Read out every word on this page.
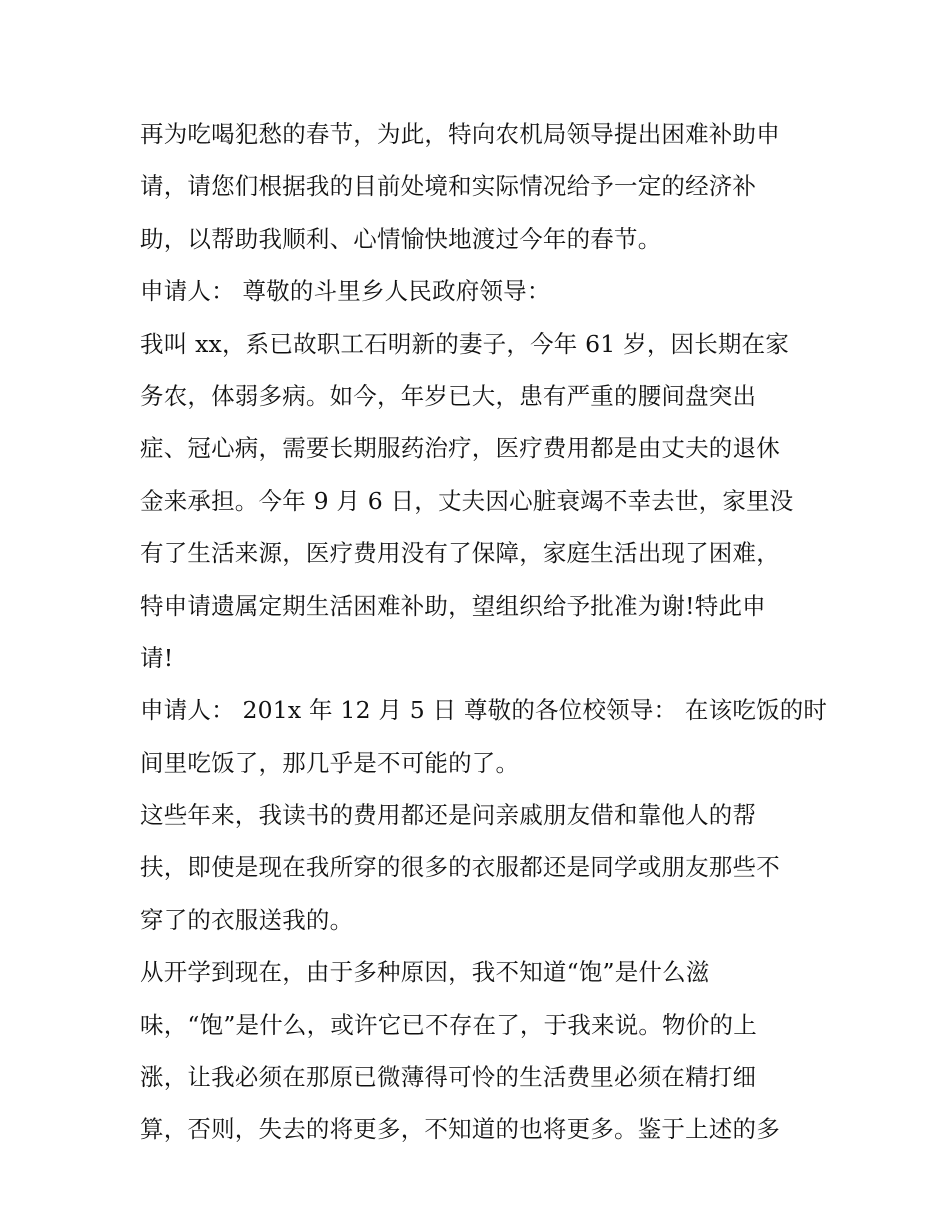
再为吃喝犯愁的春节，为此，特向农机局领导提出困难补助申
请，请您们根据我的目前处境和实际情况给予一定的经济补
助，以帮助我顺利、心情愉快地渡过今年的春节。
申请人： 尊敬的斗里乡人民政府领导：
我叫 xx，系已故职工石明新的妻子，今年 61 岁，因长期在家
务农，体弱多病。如今，年岁已大，患有严重的腰间盘突出
症、冠心病，需要长期服药治疗，医疗费用都是由丈夫的退休
金来承担。今年 9 月 6 日，丈夫因心脏衰竭不幸去世，家里没
有了生活来源，医疗费用没有了保障，家庭生活出现了困难，
特申请遗属定期生活困难补助，望组织给予批准为谢!特此申
请!
申请人： 201x 年 12 月 5 日 尊敬的各位校领导： 在该吃饭的时
间里吃饭了，那几乎是不可能的了。
这些年来，我读书的费用都还是问亲戚朋友借和靠他人的帮
扶，即使是现在我所穿的很多的衣服都还是同学或朋友那些不
穿了的衣服送我的。
从开学到现在，由于多种原因，我不知道“饱”是什么滋
味，“饱”是什么，或许它已不存在了，于我来说。物价的上
涨，让我必须在那原已微薄得可怜的生活费里必须在精打细
算，否则，失去的将更多，不知道的也将更多。鉴于上述的多
